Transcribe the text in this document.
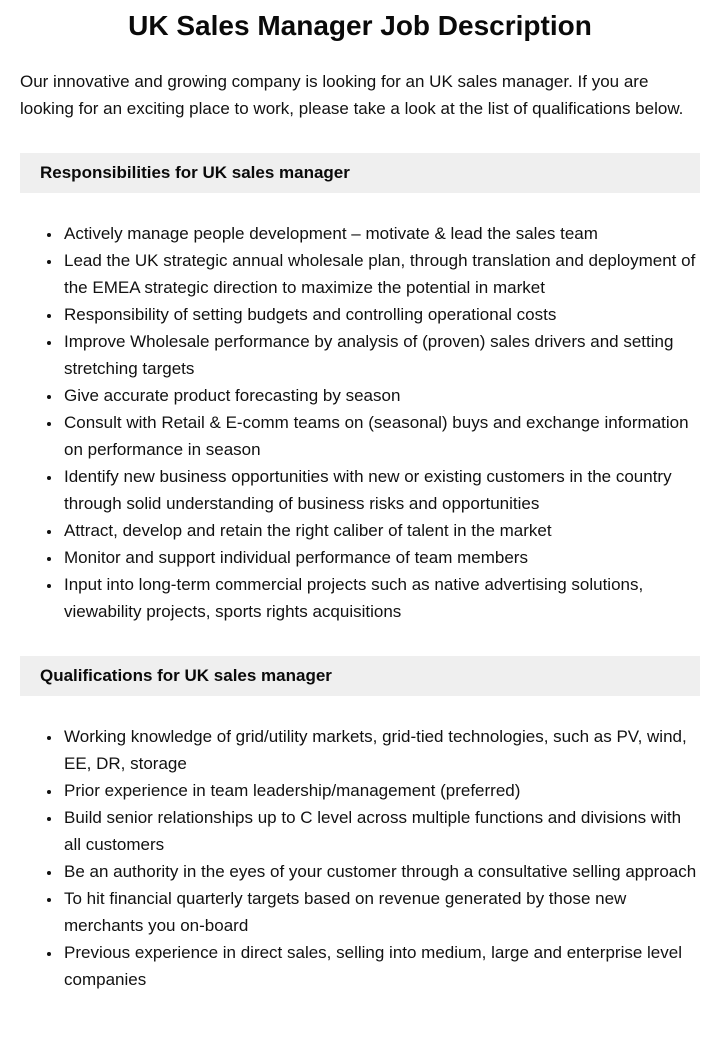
UK Sales Manager Job Description

Our innovative and growing company is looking for an UK sales manager. If you are looking for an exciting place to work, please take a look at the list of qualifications below.

Responsibilities for UK sales manager
• Actively manage people development – motivate & lead the sales team
• Lead the UK strategic annual wholesale plan, through translation and deployment of the EMEA strategic direction to maximize the potential in market
• Responsibility of setting budgets and controlling operational costs
• Improve Wholesale performance by analysis of (proven) sales drivers and setting stretching targets
• Give accurate product forecasting by season
• Consult with Retail & E-comm teams on (seasonal) buys and exchange information on performance in season
• Identify new business opportunities with new or existing customers in the country through solid understanding of business risks and opportunities
• Attract, develop and retain the right caliber of talent in the market
• Monitor and support individual performance of team members
• Input into long-term commercial projects such as native advertising solutions, viewability projects, sports rights acquisitions
Qualifications for UK sales manager
• Working knowledge of grid/utility markets, grid-tied technologies, such as PV, wind, EE, DR, storage
• Prior experience in team leadership/management (preferred)
• Build senior relationships up to C level across multiple functions and divisions with all customers
• Be an authority in the eyes of your customer through a consultative selling approach
• To hit financial quarterly targets based on revenue generated by those new merchants you on-board
• Previous experience in direct sales, selling into medium, large and enterprise level companies
